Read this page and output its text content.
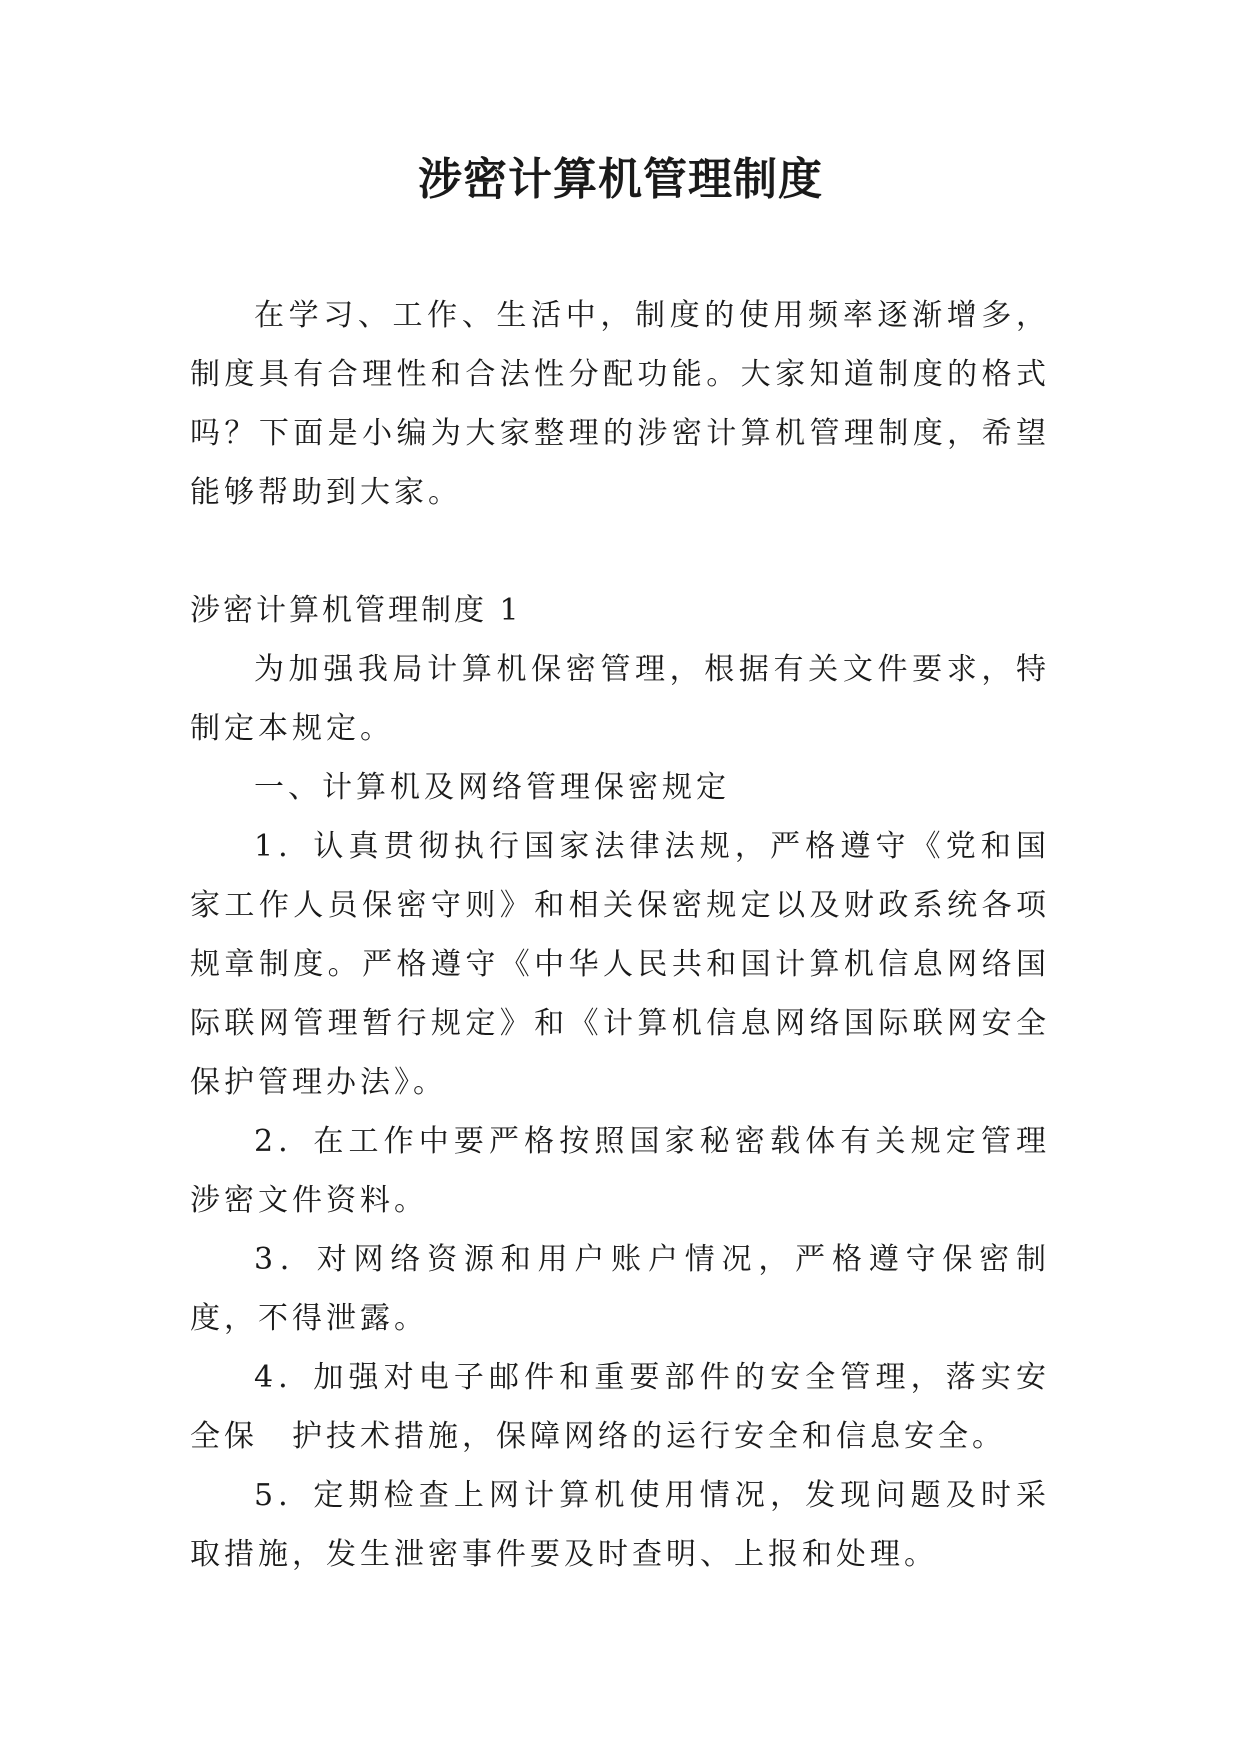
涉密计算机管理制度

在学习、工作、生活中，制度的使用频率逐渐增多，制度具有合理性和合法性分配功能。大家知道制度的格式吗？下面是小编为大家整理的涉密计算机管理制度，希望能够帮助到大家。

涉密计算机管理制度 1

为加强我局计算机保密管理，根据有关文件要求，特制定本规定。

一、计算机及网络管理保密规定

1．认真贯彻执行国家法律法规，严格遵守《党和国家工作人员保密守则》和相关保密规定以及财政系统各项规章制度。严格遵守《中华人民共和国计算机信息网络国际联网管理暂行规定》和《计算机信息网络国际联网安全保护管理办法》。

2．在工作中要严格按照国家秘密载体有关规定管理涉密文件资料。

3．对网络资源和用户账户情况，严格遵守保密制度，不得泄露。

4．加强对电子邮件和重要部件的安全管理，落实安全保　护技术措施，保障网络的运行安全和信息安全。

5．定期检查上网计算机使用情况，发现问题及时采取措施，发生泄密事件要及时查明、上报和处理。
